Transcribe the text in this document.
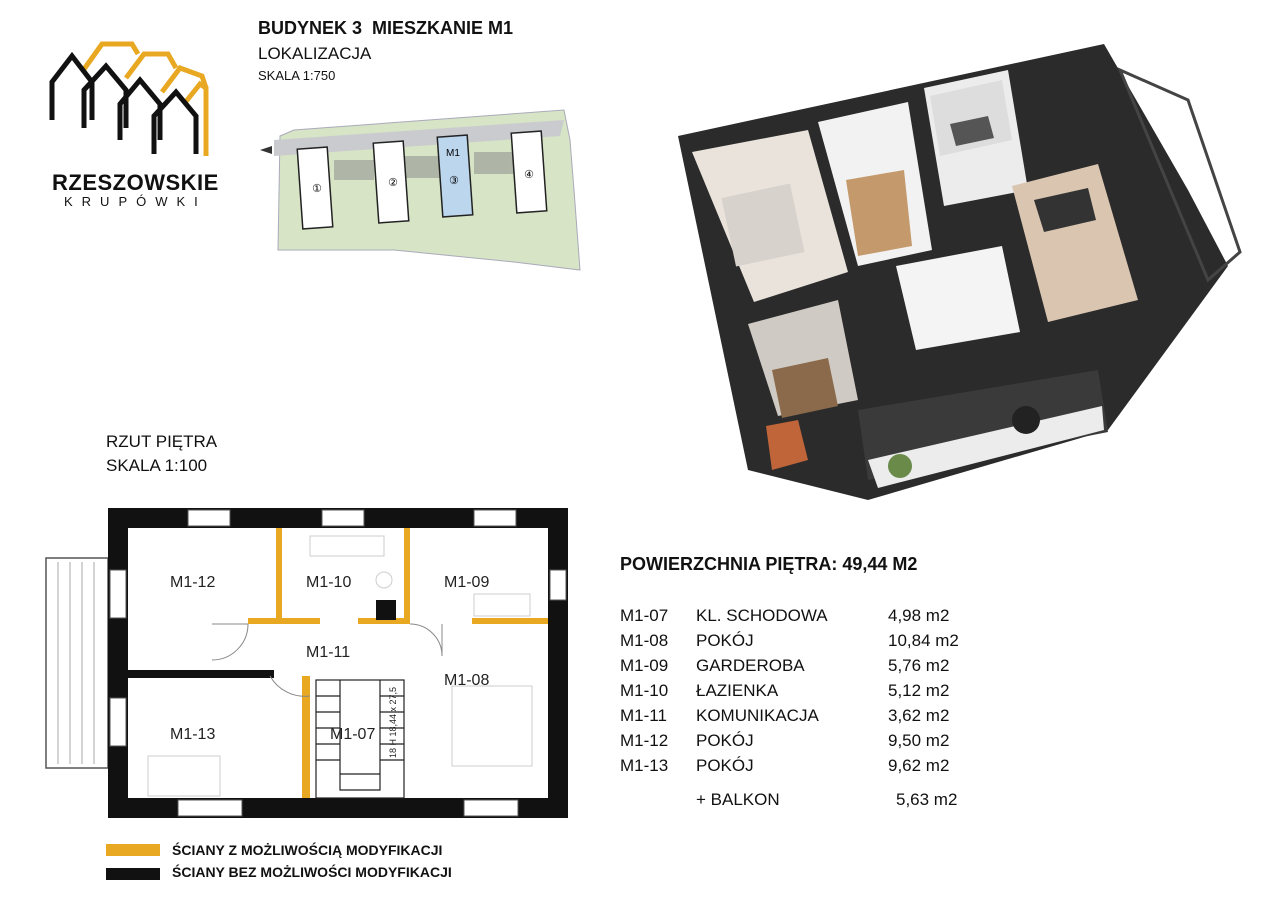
RZESZOWSKIE
KRUPÓWKI
BUDYNEK 3  MIESZKANIE M1
LOKALIZACJA
SKALA 1:750
M1
①	②	③	④
RZUT PIĘTRA
SKALA 1:100
M1-12	M1-10	M1-09
M1-11
M1-08
M1-13	M1-07 18 H 18,44 x 27,5
POWIERZCHNIA PIĘTRA: 49,44 M2
M1-07 KL. SCHODOWA	4,98 m2
M1-08 POKÓJ	10,84 m2
M1-09 GARDEROBA	5,76 m2
M1-10 ŁAZIENKA	5,12 m2
M1-11 KOMUNIKACJA	3,62 m2
M1-12 POKÓJ	9,50 m2
M1-13 POKÓJ	9,62 m2
+ BALKON	5,63 m2
ŚCIANY Z MOŻLIWOŚCIĄ MODYFIKACJI
ŚCIANY BEZ MOŻLIWOŚCI MODYFIKACJI
